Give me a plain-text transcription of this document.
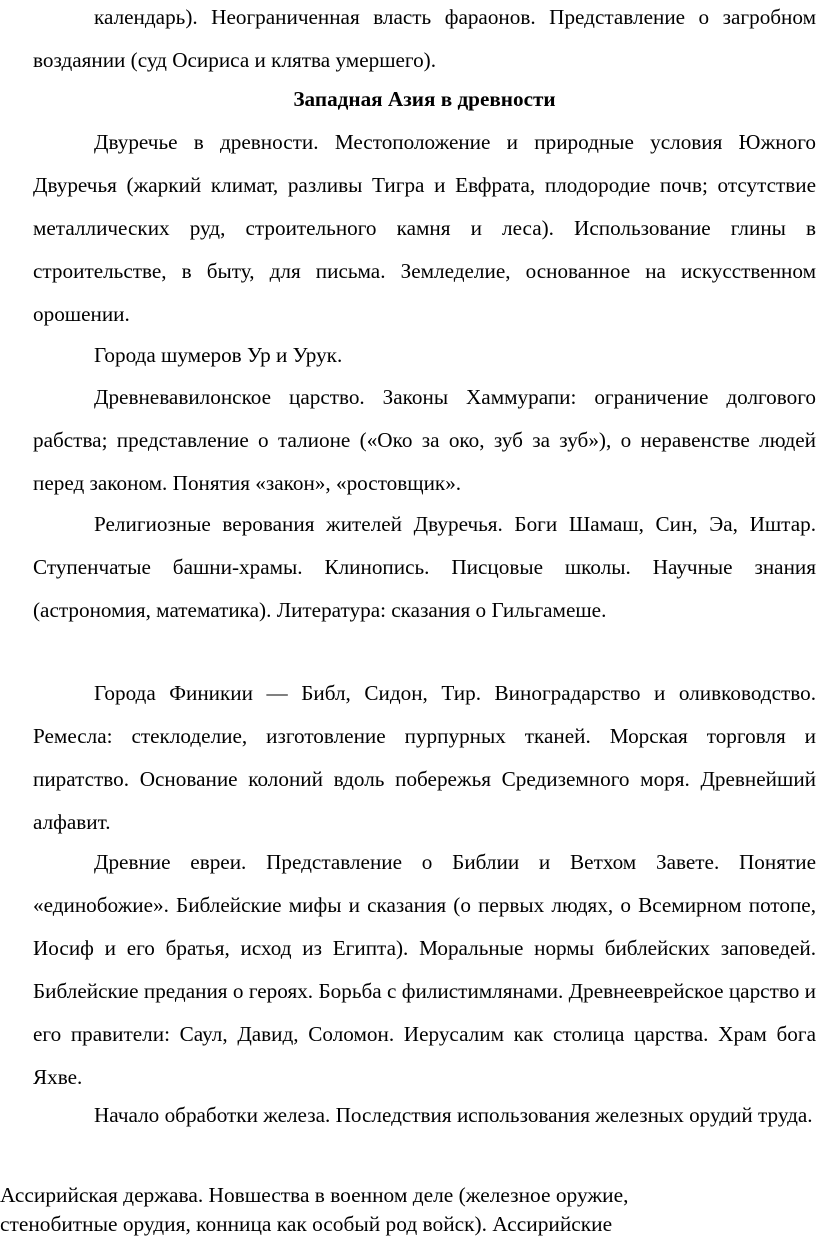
календарь). Неограниченная власть фараонов. Представление о загробном воздаянии (суд Осириса и клятва умершего).

Западная Азия в древности

Двуречье в древности. Местоположение и природные условия Южного Двуречья (жаркий климат, разливы Тигра и Евфрата, плодородие почв; отсутствие металлических руд, строительного камня и леса). Использование глины в строительстве, в быту, для письма. Земледелие, основанное на искусственном орошении.

Города шумеров Ур и Урук.

Древневавилонское царство. Законы Хаммурапи: ограничение долгового рабства; представление о талионе («Око за око, зуб за зуб»), о неравенстве людей перед законом. Понятия «закон», «ростовщик».

Религиозные верования жителей Двуречья. Боги Шамаш, Син, Эа, Иштар. Ступенчатые башни-храмы. Клинопись. Писцовые школы. Научные знания (астрономия, математика). Литература: сказания о Гильгамеше.

Города Финикии — Библ, Сидон, Тир. Виноградарство и оливководство. Ремесла: стеклоделие, изготовление пурпурных тканей. Морская торговля и пиратство. Основание колоний вдоль побережья Средиземного моря. Древнейший алфавит.

Древние евреи. Представление о Библии и Ветхом Завете. Понятие «единобожие». Библейские мифы и сказания (о первых людях, о Всемирном потопе, Иосиф и его братья, исход из Египта). Моральные нормы библейских заповедей. Библейские предания о героях. Борьба с филистимлянами. Древнееврейское царство и его правители: Саул, Давид, Соломон. Иерусалим как столица царства. Храм бога Яхве.

Начало обработки железа. Последствия использования железных орудий труда.

Ассирийская держава. Новшества в военном деле (железное оружие,

стенобитные орудия, конница как особый род войск). Ассирийские
